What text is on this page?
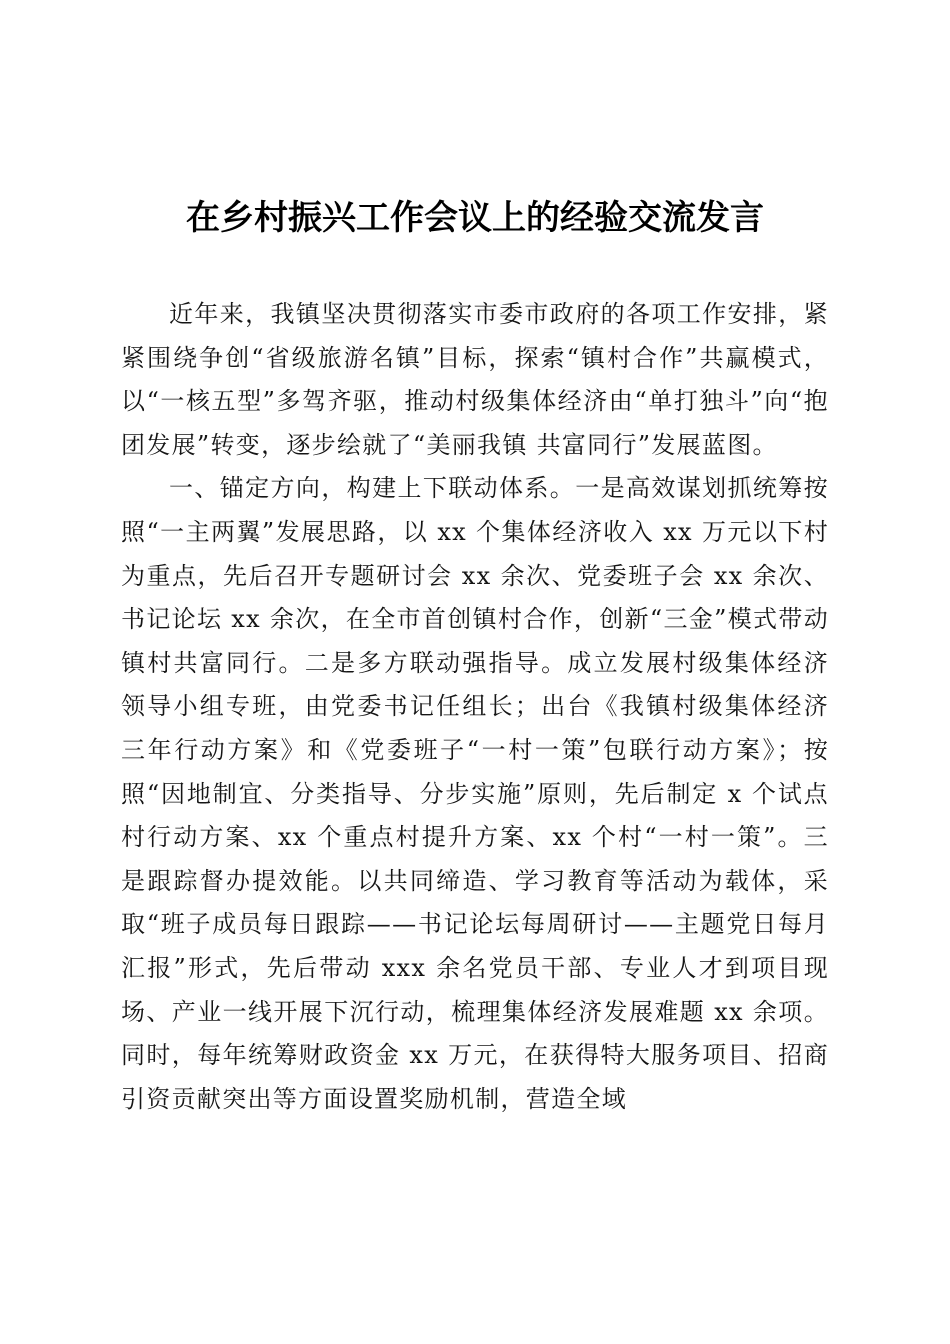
在乡村振兴工作会议上的经验交流发言

近年来，我镇坚决贯彻落实市委市政府的各项工作安排，紧紧围绕争创“省级旅游名镇”目标，探索“镇村合作”共赢模式，以“一核五型”多驾齐驱，推动村级集体经济由“单打独斗”向“抱团发展”转变，逐步绘就了“美丽我镇 共富同行”发展蓝图。

一、锚定方向，构建上下联动体系。一是高效谋划抓统筹按照“一主两翼”发展思路，以 xx 个集体经济收入 xx 万元以下村为重点，先后召开专题研讨会 xx 余次、党委班子会 xx 余次、书记论坛 xx 余次，在全市首创镇村合作，创新“三金”模式带动镇村共富同行。二是多方联动强指导。成立发展村级集体经济领导小组专班，由党委书记任组长；出台《我镇村级集体经济三年行动方案》和《党委班子“一村一策”包联行动方案》；按照“因地制宜、分类指导、分步实施”原则，先后制定 x 个试点村行动方案、xx 个重点村提升方案、xx 个村“一村一策”。三是跟踪督办提效能。以共同缔造、学习教育等活动为载体，采取“班子成员每日跟踪——书记论坛每周研讨——主题党日每月汇报”形式，先后带动 xxx 余名党员干部、专业人才到项目现场、产业一线开展下沉行动，梳理集体经济发展难题 xx 余项。同时，每年统筹财政资金 xx 万元，在获得特大服务项目、招商引资贡献突出等方面设置奖励机制，营造全域
